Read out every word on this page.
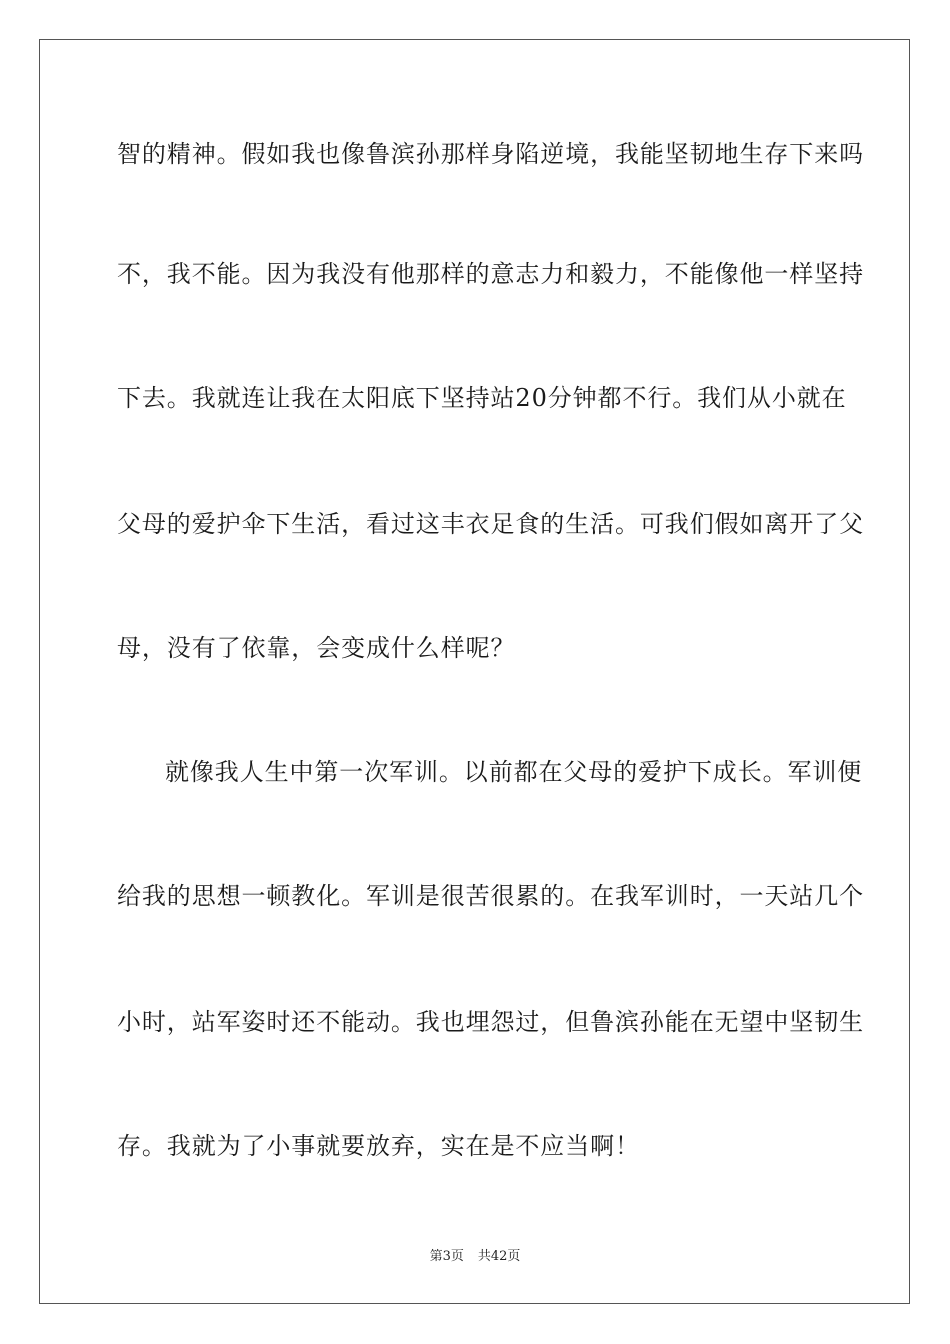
智的精神。假如我也像鲁滨孙那样身陷逆境，我能坚韧地生存下来吗
不，我不能。因为我没有他那样的意志力和毅力，不能像他一样坚持
下去。我就连让我在太阳底下坚持站20分钟都不行。我们从小就在
父母的爱护伞下生活，看过这丰衣足食的生活。可我们假如离开了父
母，没有了依靠，会变成什么样呢？
就像我人生中第一次军训。以前都在父母的爱护下成长。军训便
给我的思想一顿教化。军训是很苦很累的。在我军训时，一天站几个
小时，站军姿时还不能动。我也埋怨过，但鲁滨孙能在无望中坚韧生
存。我就为了小事就要放弃，实在是不应当啊！
第3页 共42页
